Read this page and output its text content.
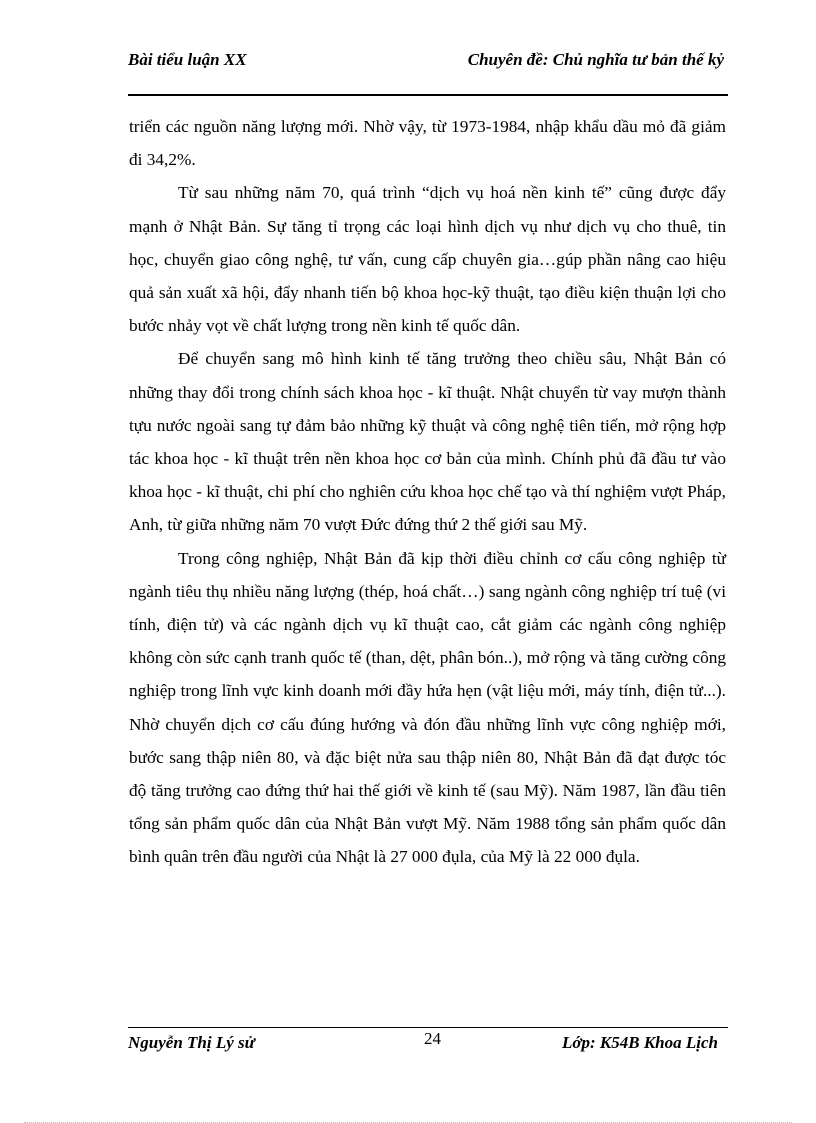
Bài tiểu luận XX	Chuyên đề: Chủ nghĩa tư bản thế kỷ

triển các nguồn năng lượng mới. Nhờ vậy, từ 1973-1984, nhập khẩu dầu mỏ đã giảm đi 34,2%.

Từ sau những năm 70, quá trình “dịch vụ hoá nền kinh tế” cũng được đẩy mạnh ở Nhật Bản. Sự tăng tỉ trọng các loại hình dịch vụ như dịch vụ cho thuê, tin học, chuyển giao công nghệ, tư vấn, cung cấp chuyên gia…gúp phần nâng cao hiệu quả sản xuất xã hội, đẩy nhanh tiến bộ khoa học-kỹ thuật, tạo điều kiện thuận lợi cho bước nhảy vọt về chất lượng trong nền kinh tế quốc dân.

Để chuyển sang mô hình kinh tế tăng trưởng theo chiều sâu, Nhật Bản có những thay đổi trong chính sách khoa học - kĩ thuật. Nhật chuyển từ vay mượn thành tựu nước ngoài sang tự đảm bảo những kỹ thuật và công nghệ tiên tiến, mở rộng hợp tác khoa học - kĩ thuật trên nền khoa học cơ bản của mình. Chính phủ đã đầu tư vào khoa học - kĩ thuật, chi phí cho nghiên cứu khoa học chế tạo và thí nghiệm vượt Pháp, Anh, từ giữa những năm 70 vượt Đức đứng thứ 2 thế giới sau Mỹ.

Trong công nghiệp, Nhật Bản đã kịp thời điều chỉnh cơ cấu công nghiệp từ ngành tiêu thụ nhiều năng lượng (thép, hoá chất…) sang ngành công nghiệp trí tuệ (vi tính, điện tử) và các ngành dịch vụ kĩ thuật cao, cắt giảm các ngành công nghiệp không còn sức cạnh tranh quốc tế (than, dệt, phân bón..), mở rộng và tăng cường công nghiệp trong lĩnh vực kinh doanh mới đầy hứa hẹn (vật liệu mới, máy tính, điện tử...). Nhờ chuyển dịch cơ cấu đúng hướng và đón đầu những lĩnh vực công nghiệp mới, bước sang thập niên 80, và đặc biệt nửa sau thập niên 80, Nhật Bản đã đạt được tóc độ tăng trưởng cao đứng thứ hai thế giới về kinh tế (sau Mỹ). Năm 1987, lần đầu tiên tổng sản phẩm quốc dân của Nhật Bản vượt Mỹ. Năm 1988 tổng sản phẩm quốc dân bình quân trên đầu người của Nhật là 27 000 đụla, của Mỹ là 22 000 đụla.

Nguyễn Thị Lý sử	24	Lớp: K54B Khoa Lịch
